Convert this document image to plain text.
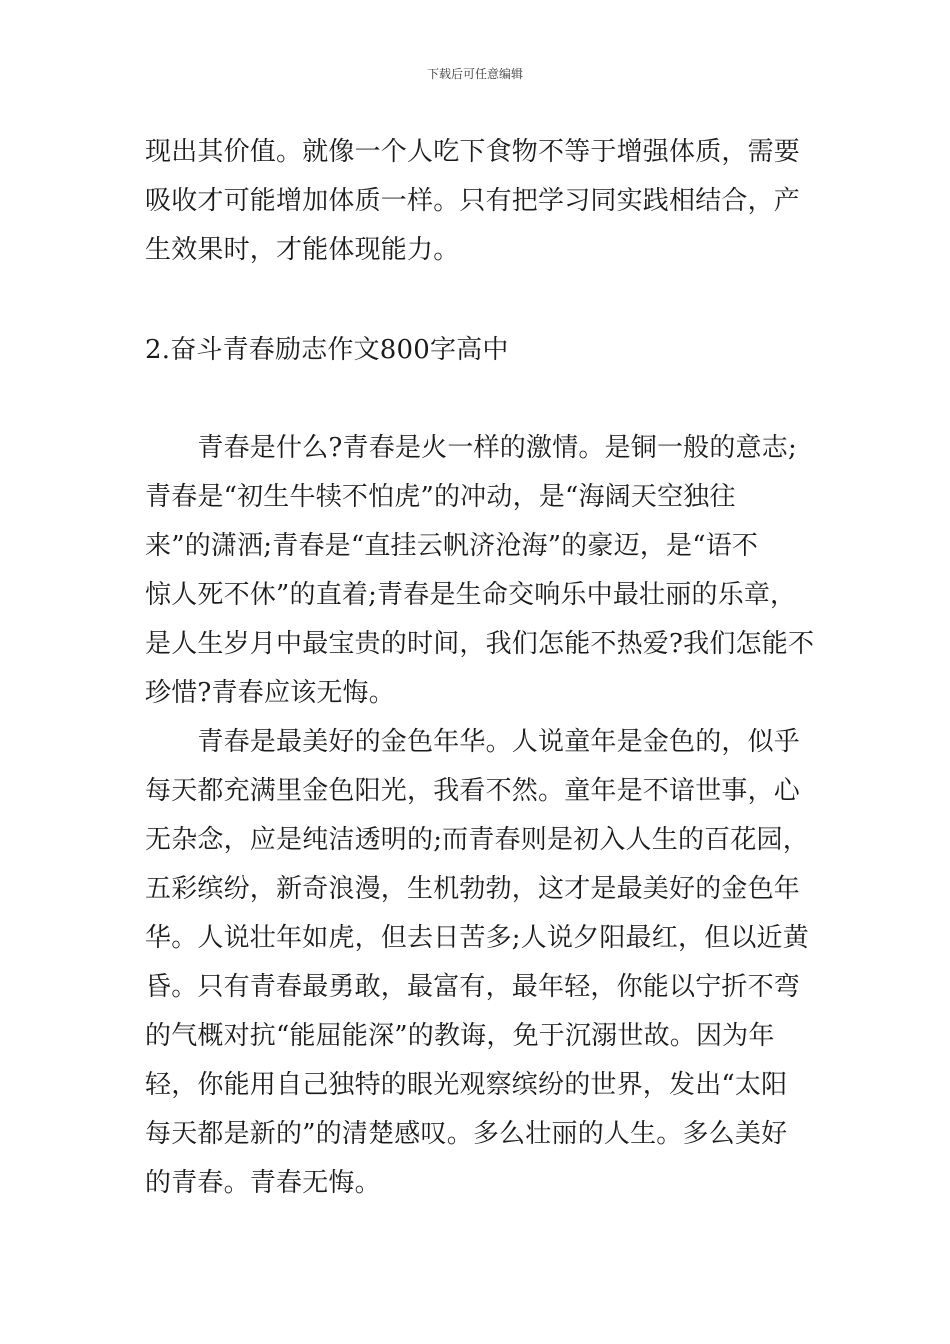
下载后可任意编辑
现出其价值。就像一个人吃下食物不等于增强体质，需要
吸收才可能增加体质一样。只有把学习同实践相结合，产
生效果时，才能体现能力。
2.奋斗青春励志作文800字高中
　　青春是什么?青春是火一样的激情。是铜一般的意志;
青春是“初生牛犊不怕虎”的冲动，是“海阔天空独往
来”的潇洒;青春是“直挂云帆济沧海”的豪迈，是“语不
惊人死不休”的直着;青春是生命交响乐中最壮丽的乐章，
是人生岁月中最宝贵的时间，我们怎能不热爱?我们怎能不
珍惜?青春应该无悔。
　　青春是最美好的金色年华。人说童年是金色的，似乎
每天都充满里金色阳光，我看不然。童年是不谙世事，心
无杂念，应是纯洁透明的;而青春则是初入人生的百花园，
五彩缤纷，新奇浪漫，生机勃勃，这才是最美好的金色年
华。人说壮年如虎，但去日苦多;人说夕阳最红，但以近黄
昏。只有青春最勇敢，最富有，最年轻，你能以宁折不弯
的气概对抗“能屈能深”的教诲，免于沉溺世故。因为年
轻，你能用自己独特的眼光观察缤纷的世界，发出“太阳
每天都是新的”的清楚感叹。多么壮丽的人生。多么美好
的青春。青春无悔。
